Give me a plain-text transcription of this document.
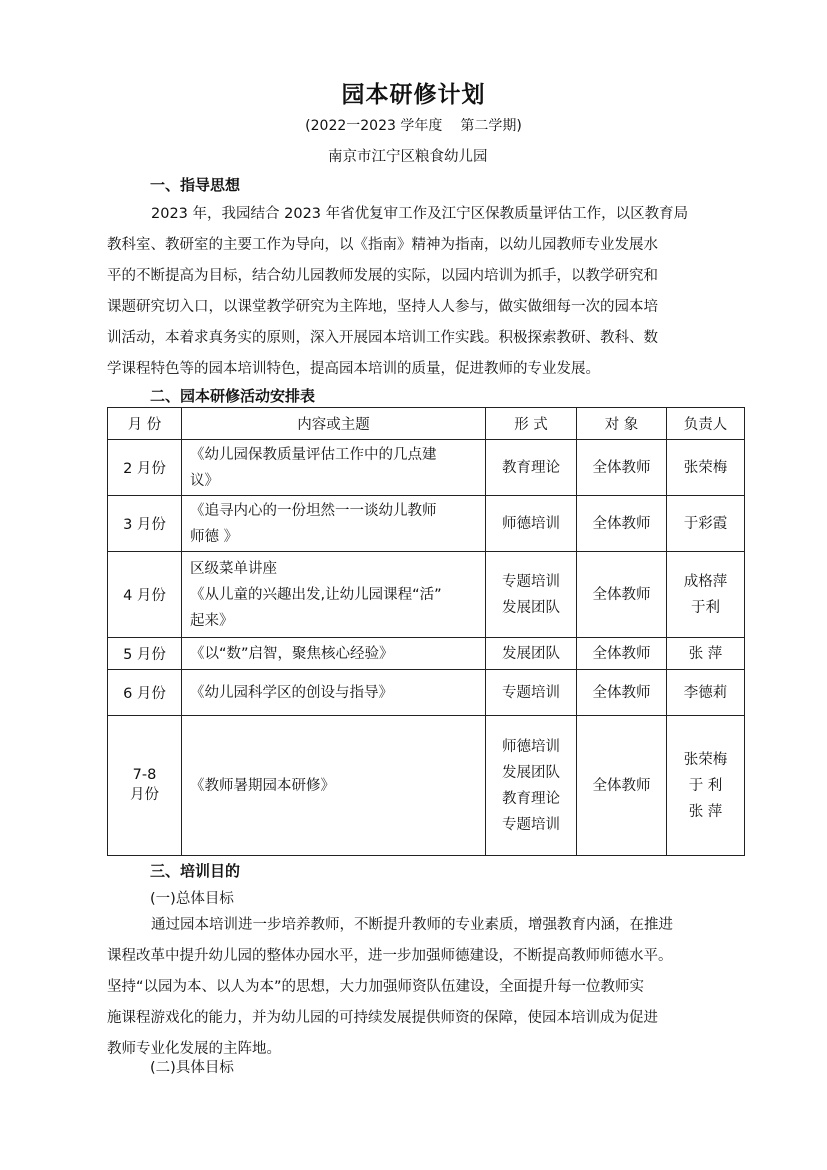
园本研修计划
(2022一2023 学年度 第二学期)
南京市江宁区粮食幼儿园
一、指导思想
2023 年，我园结合 2023 年省优复审工作及江宁区保教质量评估工作，以区教育局
教科室、教研室的主要工作为导向，以《指南》精神为指南，以幼儿园教师专业发展水
平的不断提高为目标，结合幼儿园教师发展的实际，以园内培训为抓手，以教学研究和
课题研究切入口，以课堂教学研究为主阵地，坚持人人参与，做实做细每一次的园本培
训活动，本着求真务实的原则，深入开展园本培训工作实践。积极探索教研、教科、数
学课程特色等的园本培训特色，提高园本培训的质量，促进教师的专业发展。
二、园本研修活动安排表
月 份	内容或主题	形 式	对 象	负责人

2 月份	《幼儿园保教质量评估工作中的几点建
议》	教育理论	全体教师	张荣梅

3 月份	《追寻内心的一份坦然一一谈幼儿教师
师德 》	师德培训	全体教师	于彩霞

4 月份	区级菜单讲座
《从儿童的兴趣出发,让幼儿园课程“活”
起来》	专题培训
发展团队	全体教师	成格萍
于利

5 月份	《以“数”启智，聚焦核心经验》	发展团队	全体教师	张 萍

6 月份	《幼儿园科学区的创设与指导》	专题培训	全体教师	李德莉

7-8
月份	《教师暑期园本研修》	师德培训
发展团队
教育理论
专题培训	全体教师	张荣梅
于 利
张 萍
三、培训目的
(一)总体目标
通过园本培训进一步培养教师，不断提升教师的专业素质，增强教育内涵，在推进
课程改革中提升幼儿园的整体办园水平，进一步加强师德建设，不断提高教师师德水平。
坚持“以园为本、以人为本”的思想，大力加强师资队伍建设，全面提升每一位教师实
施课程游戏化的能力，并为幼儿园的可持续发展提供师资的保障，使园本培训成为促进
教师专业化发展的主阵地。
(二)具体目标
